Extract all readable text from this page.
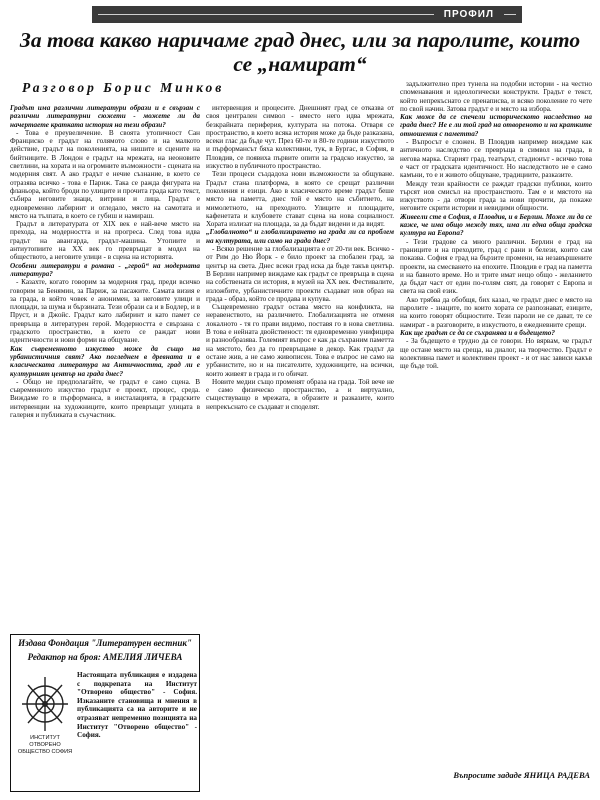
ПРОФИЛ
За това какво наричаме град днес, или за паролите, които се „намират“
Разговор Борис Минков

Градът има различни литератури образи и е свързан с различни литературни сюжети - можете ли да начертаете кратката история на тези образи?

- Това е преувеличение. В своята утопичност Сан Франциско е градът на голямото слово и на малкото действие, градът на поколенията, на нишите и сцените на бийтниците. В Лондон е градът на мрежата, на неоновите светлини, на хората и на огромните възможности - сцената на модерния свят. А ако градът е нечие съзнание, в което се отразява всичко - това е Париж. Така се ражда фигурата на фланьора, който броди по улиците и прочита града като текст, събира неговите знаци, витрини и лица. Градът е едновременно лабиринт и огледало, място на самотата и място на тълпата, в което се губиш и намираш.

Градът в литературата от XIX век е най-вече място на прехода, на модерността и на прогреса. След това идва градът на авангарда, градът-машина. Утопиите и антиутопиите на XX век го превръщат в модел на обществото, а неговите улици - в сцена на историята.

Особени литератури в романа - „герой“ на модерната литература?

- Казахте, когато говорим за модерния град, преди всичко говорим за Бенямин, за Париж, за пасажите. Самата визия е за града, в който човек е анонимен, за неговите улици и площади, за шума и бързината. Тези образи са и в Бодлер, и в Пруст, и в Джойс. Градът като лабиринт и като памет се превръща в литературен герой. Модерността е свързана с градското пространство, в което се раждат нови идентичности и нови форми на общуване.

Как съвременното изкуство може да също на урбанистичния свят? Ако погледнем в древната и в класическата литература на Античността, град ли е културният център на града днес?

- Общо не предполагайте, че градът е само сцена. В съвременното изкуство градът е проект, процес, среда. Виждаме го в пърформанса, в инсталацията, в градските интервенции на художниците, които превръщат улицата в галерия и публиката в съучастник.

интервенция и процесите. Днешният град се отказва от своя централен символ - вместо него идва мрежата, безкрайната периферия, културата на потока. Отваря се пространство, в което всяка история може да бъде разказана, всеки глас да бъде чут. През 60-те и 80-те години изкуството и пърформансът бяха колективни, тук, в Бургас, в София, в Пловдив, се появиха първите опити за градско изкуство, за изкуство в публичното пространство.

Тези процеси създадоха нови възможности за общуване. Градът стана платформа, в която се срещат различни поколения и езици. Ако в класическото време градът беше място на паметта, днес той е място на събитието, на мимолетното, на преходното. Улиците и площадите, кафенетата и клубовете стават сцена на нова социалност. Хората излизат на площада, за да бъдат видени и да видят.

„Глобалното“ и глобализирането на града ли са проблем на културата, или само на града днес?

- Всяко решение за глобализацията е от 20-ти век. Всичко - от Рим до Ню Йорк - е било проект за глобален град, за център на света. Днес всеки град иска да бъде такъв център. В Берлин например виждаме как градът се превръща в сцена на собствената си история, в музей на XX век. Фестивалите, изложбите, урбанистичните проекти създават нов образ на града - образ, който се продава и купува.

Същевременно градът остава място на конфликта, на неравенството, на различието. Глобализацията не отменя локалното - тя го прави видимо, поставя го в нова светлина. В това е нейната двойственост: тя едновременно унифицира и разнообразява. Големият въпрос е как да съхраним паметта на мястото, без да го превръщаме в декор. Как градът да остане жив, а не само живописен. Това е въпрос не само на урбанистите, но и на писателите, художниците, на всички, които живеят в града и го обичат.

Новите медии също променят образа на града. Той вече не е само физическо пространство, а и виртуално, съществуващо в мрежата, в образите и разказите, които непрекъснато се създават и споделят.

задължително през тунела на подобни истории - на честно споменавания и идеологически конструкти. Градът е текст, който непрекъснато се пренаписва, и всяко поколение го чете по свой начин. Затова градът е и място на избора.

Как може да се спечели историческото наследство на града днес? Не е ли той град на отвореното и на кратките отношения с паметта?

- Въпросът е сложен. В Пловдив например виждаме как античното наследство се превръща в символ на града, в негова марка. Старият град, театърът, стадионът - всичко това е част от градската идентичност. Но наследството не е само камъни, то е и живото общуване, традициите, разказите.

Между тези крайности се раждат градски публики, които търсят нов смисъл на пространството. Там е и мястото на изкуството - да отвори града за нови прочити, да покаже неговите скрити истории и невидими общности.

Живеели сте в София, в Пловдив, и в Берлин. Може ли да се каже, че има общо между тях, има ли една обща градска култура на Европа?

- Тези градове са много различни. Берлин е град на границите и на преходите, град с рани и белези, които сам показва. София е град на бързите промени, на незавършените проекти, на смесването на епохите. Пловдив е град на паметта и на бавното време. Но и трите имат нещо общо - желанието да бъдат част от един по-голям свят, да говорят с Европа и света на свой език.

Ако трябва да обобщя, бих казал, че градът днес е място на паролите - знаците, по които хората се разпознават, езиците, на които говорят общностите. Тези пароли не се дават, те се намират - в разговорите, в изкуството, в ежедневните срещи.

Как ще градът се да се съхранява и в бъдещето?

- За бъдещето е трудно да се говори. Но вярвам, че градът ще остане място на среща, на диалог, на творчество. Градът е колективна памет и колективен проект - и от нас зависи какъв ще бъде той.

Въпросите зададе ЯНИЦА РАДЕВА
Издава Фондация "Литературен вестник"
Редактор на броя: АМЕЛИЯ ЛИЧЕВА
ИНСТИТУТ ОТВОРЕНО ОБЩЕСТВО СОФИЯ
Настоящата публикация е издадена с подкрепата на Институт "Отворено общество" - София. Изказаните становища и мнения в публикацията са на авторите и не отразяват непременно позицията на Институт "Отворено общество" - София.
